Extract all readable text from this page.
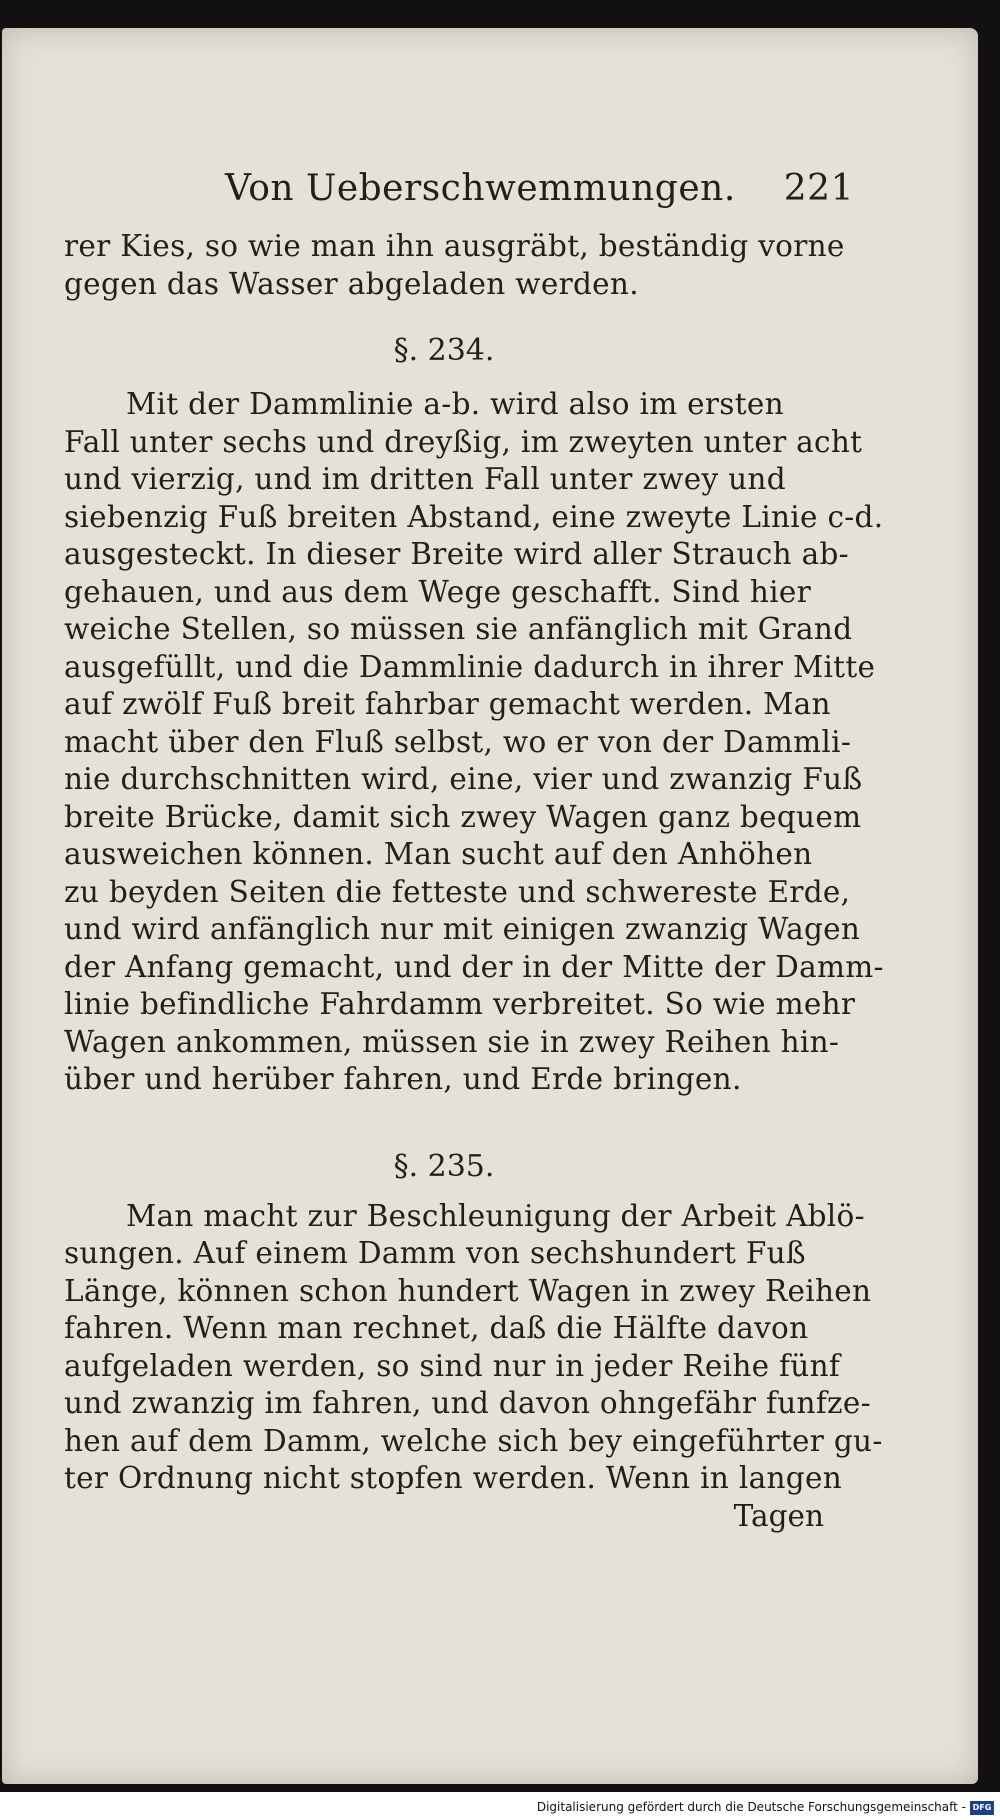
Von Ueberschwemmungen. 221
rer Kies, so wie man ihn ausgräbt, beständig vorne
gegen das Wasser abgeladen werden.
§. 234.
Mit der Dammlinie a-b. wird also im ersten
Fall unter sechs und dreyßig, im zweyten unter acht
und vierzig, und im dritten Fall unter zwey und
siebenzig Fuß breiten Abstand, eine zweyte Linie c-d.
ausgesteckt. In dieser Breite wird aller Strauch ab-
gehauen, und aus dem Wege geschafft. Sind hier
weiche Stellen, so müssen sie anfänglich mit Grand
ausgefüllt, und die Dammlinie dadurch in ihrer Mitte
auf zwölf Fuß breit fahrbar gemacht werden. Man
macht über den Fluß selbst, wo er von der Dammli-
nie durchschnitten wird, eine, vier und zwanzig Fuß
breite Brücke, damit sich zwey Wagen ganz bequem
ausweichen können. Man sucht auf den Anhöhen
zu beyden Seiten die fetteste und schwereste Erde,
und wird anfänglich nur mit einigen zwanzig Wagen
der Anfang gemacht, und der in der Mitte der Damm-
linie befindliche Fahrdamm verbreitet. So wie mehr
Wagen ankommen, müssen sie in zwey Reihen hin-
über und herüber fahren, und Erde bringen.
§. 235.
Man macht zur Beschleunigung der Arbeit Ablö-
sungen. Auf einem Damm von sechshundert Fuß
Länge, können schon hundert Wagen in zwey Reihen
fahren. Wenn man rechnet, daß die Hälfte davon
aufgeladen werden, so sind nur in jeder Reihe fünf
und zwanzig im fahren, und davon ohngefähr funfze-
hen auf dem Damm, welche sich bey eingeführter gu-
ter Ordnung nicht stopfen werden. Wenn in langen
Tagen
Digitalisierung gefördert durch die Deutsche Forschungsgemeinschaft - DFG
